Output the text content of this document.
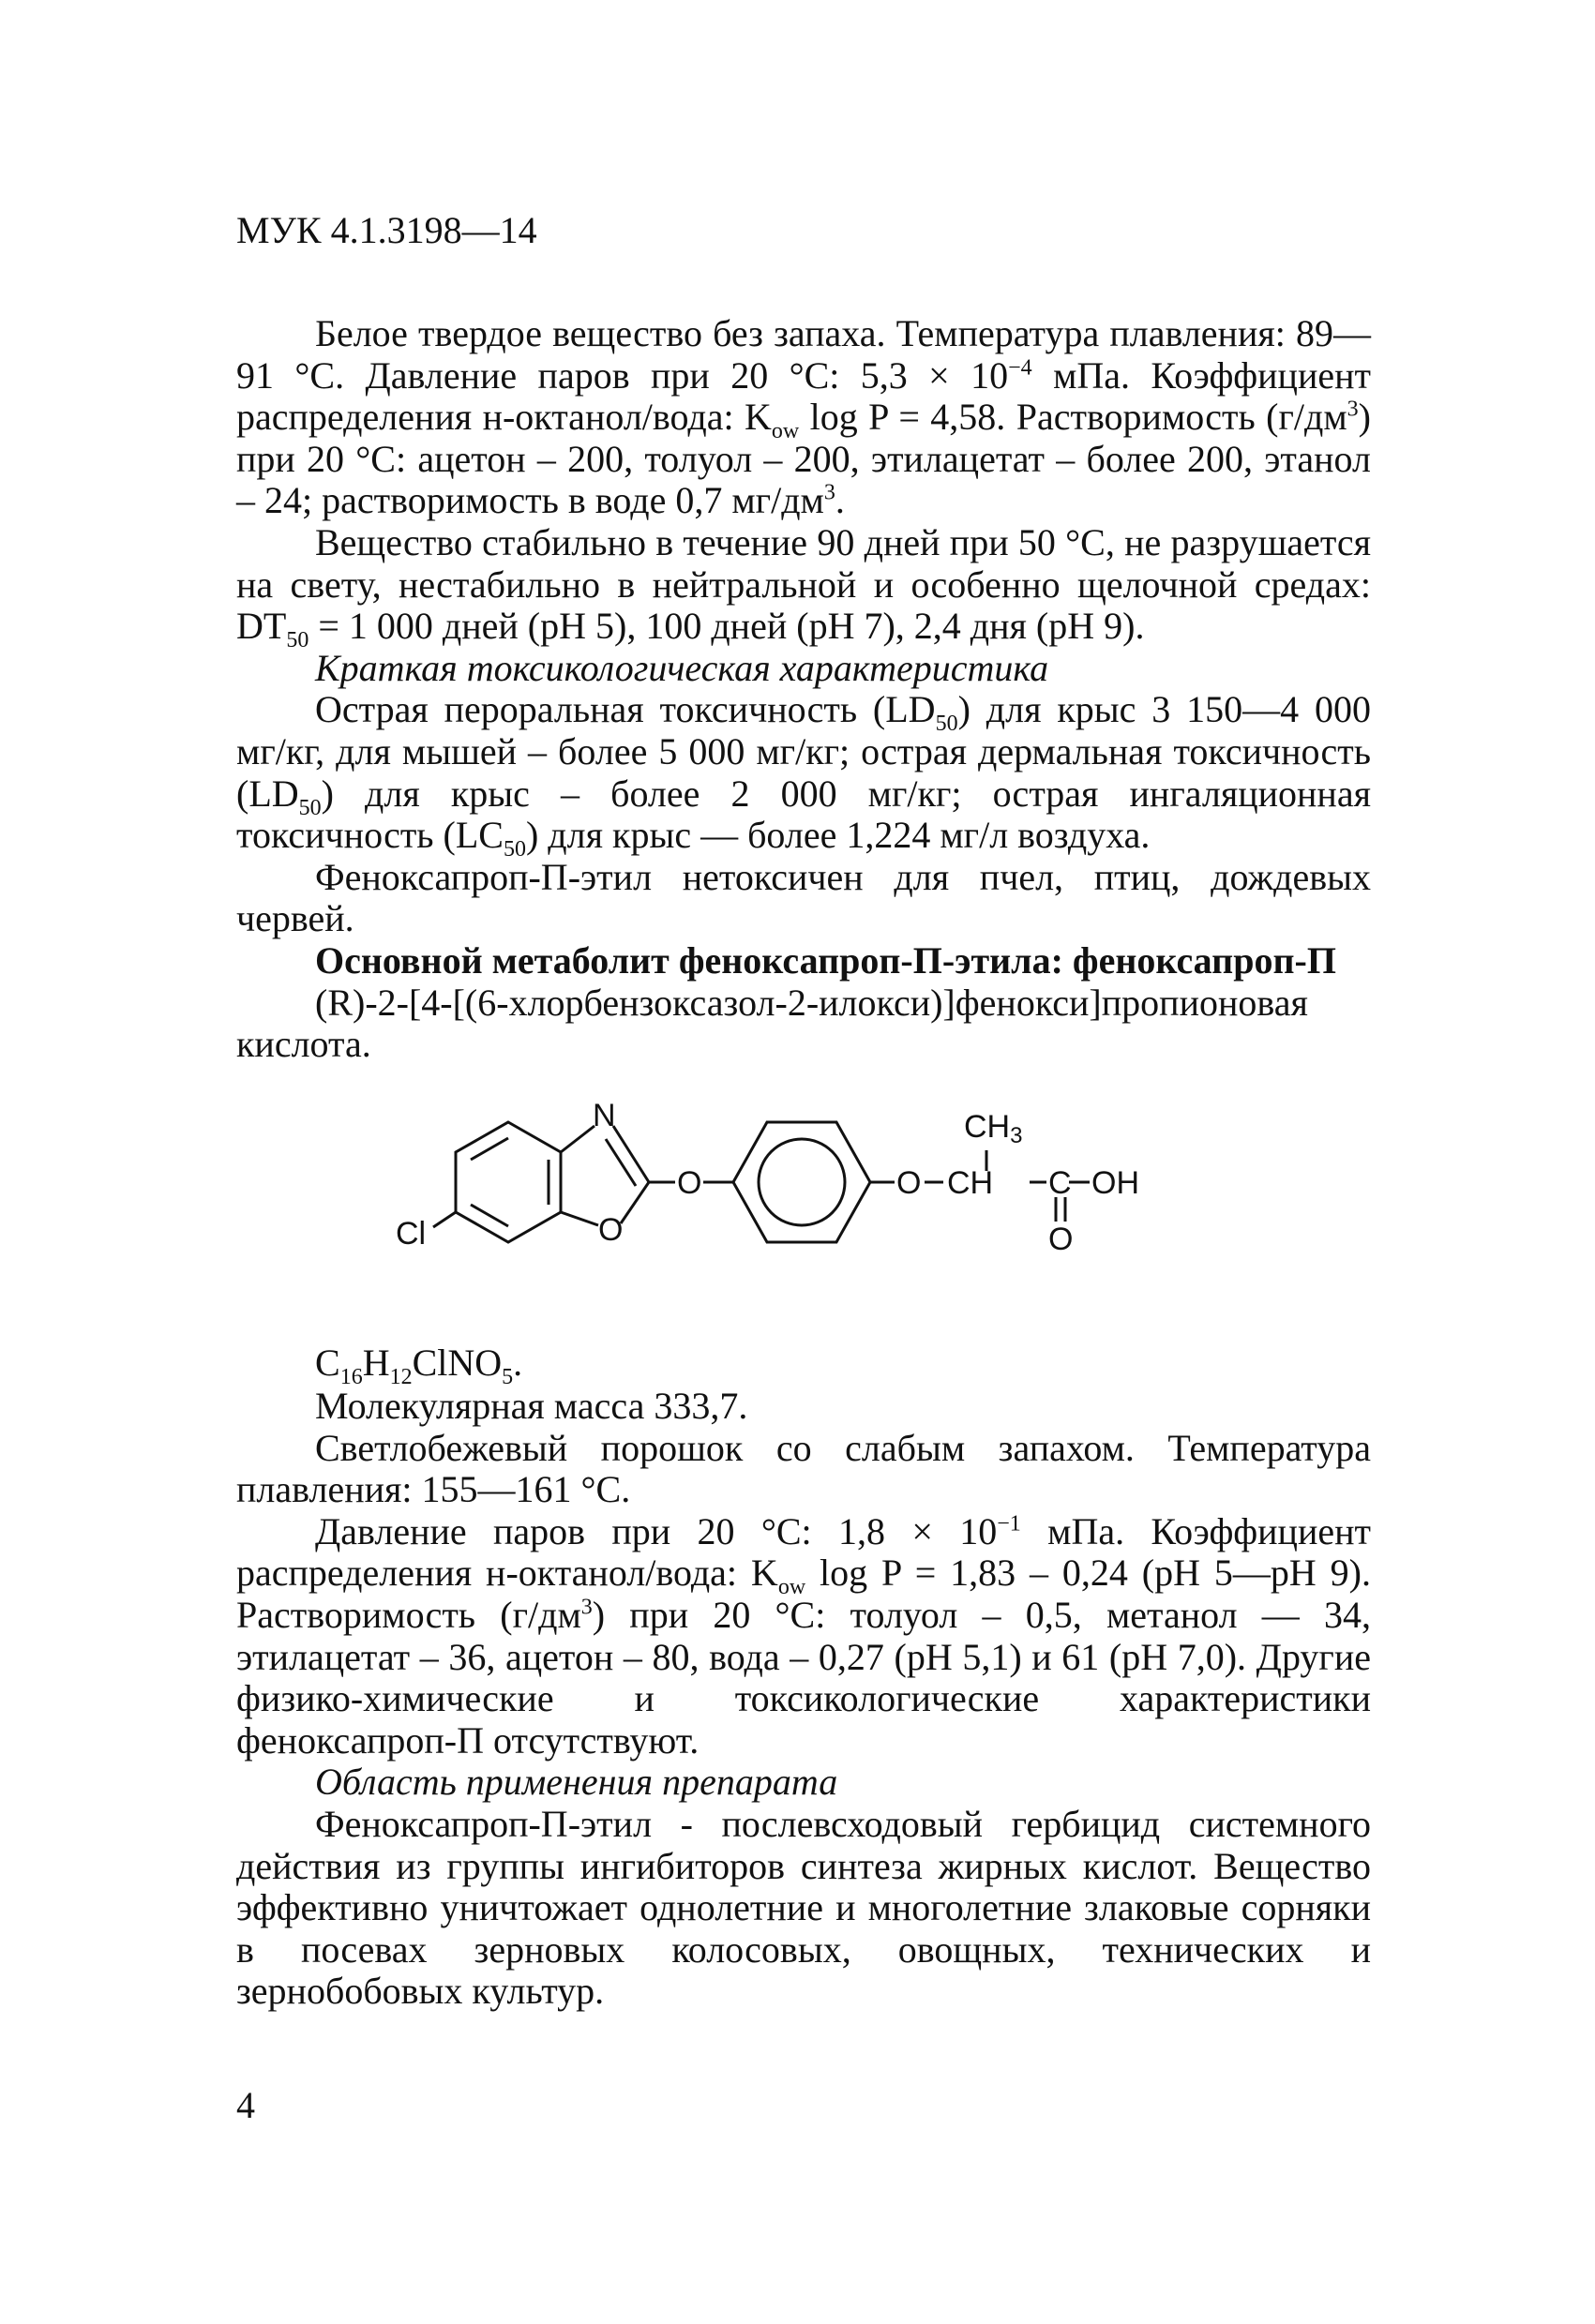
МУК 4.1.3198—14

Белое твердое вещество без запаха. Температура плавления: 89—91 °С. Давление паров при 20 °С: $5,3 \times 10^{-4}$ мПа. Коэффициент распределения н-октанол/вода: $K_{ow}$ log P = 4,58. Растворимость $(г/дм^3)$ при 20 °С: ацетон – 200, толуол – 200, этилацетат – более 200, этанол – 24; растворимость в воде 0,7 $мг/дм^3$.

Вещество стабильно в течение 90 дней при 50 °С, не разрушается на свету, нестабильно в нейтральной и особенно щелочной средах: $DT_{50} = 1$ 000 дней (pH 5), 100 дней (pH 7), 2,4 дня (pH 9).

Краткая токсикологическая характеристика

Острая пероральная токсичность $(LD_{50})$ для крыс 3 150—4 000 мг/кг, для мышей – более 5 000 мг/кг; острая дермальная токсичность $(LD_{50})$ для крыс – более 2 000 мг/кг; острая ингаляционная токсичность $(LC_{50})$ для крыс — более 1,224 мг/л воздуха.

Феноксапроп-П-этил нетоксичен для пчел, птиц, дождевых червей.

Основной метаболит феноксапроп-П-этила: феноксапроп-П

(R)-2-[4-[(6-хлорбензоксазол-2-илокси)]фенокси]пропионовая кислота.

N
O
Cl
O	O CH C OH
CH3
O

$C_{16}H_{12}ClNO_5$.

Молекулярная масса 333,7.

Светлобежевый порошок со слабым запахом. Температура плавления: 155—161 °С.

Давление паров при 20 °С: $1,8 \times 10^{-1}$ мПа. Коэффициент распределения н-октанол/вода: $K_{ow}$ log P = 1,83 – 0,24 (pH 5—pH 9). Растворимость $(г/дм^3)$ при 20 °С: толуол – 0,5, метанол — 34, этилацетат – 36, ацетон – 80, вода – 0,27 (pH 5,1) и 61 (pH 7,0). Другие физико-химические и токсикологические характеристики феноксапроп-П отсутствуют.

Область применения препарата

Феноксапроп-П-этил - послевсходовый гербицид системного действия из группы ингибиторов синтеза жирных кислот. Вещество эффективно уничтожает однолетние и многолетние злаковые сорняки в посевах зерновых колосовых, овощных, технических и зернобобовых культур.

4
